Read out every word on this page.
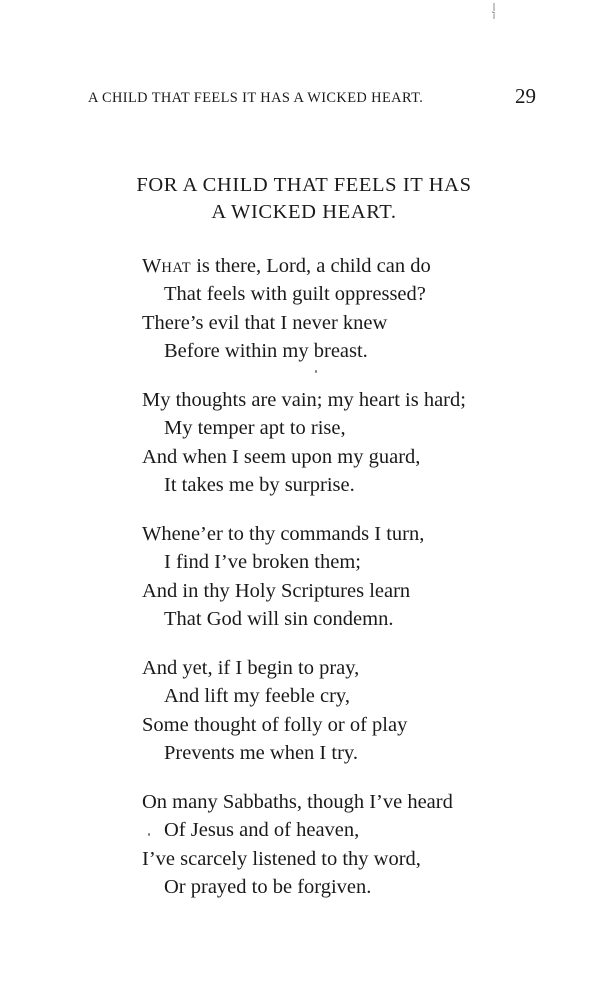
A CHILD THAT FEELS IT HAS A WICKED HEART.	29
FOR A CHILD THAT FEELS IT HAS
A WICKED HEART.
WHAT is there, Lord, a child can do
That feels with guilt oppressed?
There’s evil that I never knew
Before within my breast.
My thoughts are vain; my heart is hard;
My temper apt to rise,
And when I seem upon my guard,
It takes me by surprise.
Whene’er to thy commands I turn,
I find I’ve broken them;
And in thy Holy Scriptures learn
That God will sin condemn.
And yet, if I begin to pray,
And lift my feeble cry,
Some thought of folly or of play
Prevents me when I try.
On many Sabbaths, though I’ve heard
Of Jesus and of heaven,
I’ve scarcely listened to thy word,
Or prayed to be forgiven.
